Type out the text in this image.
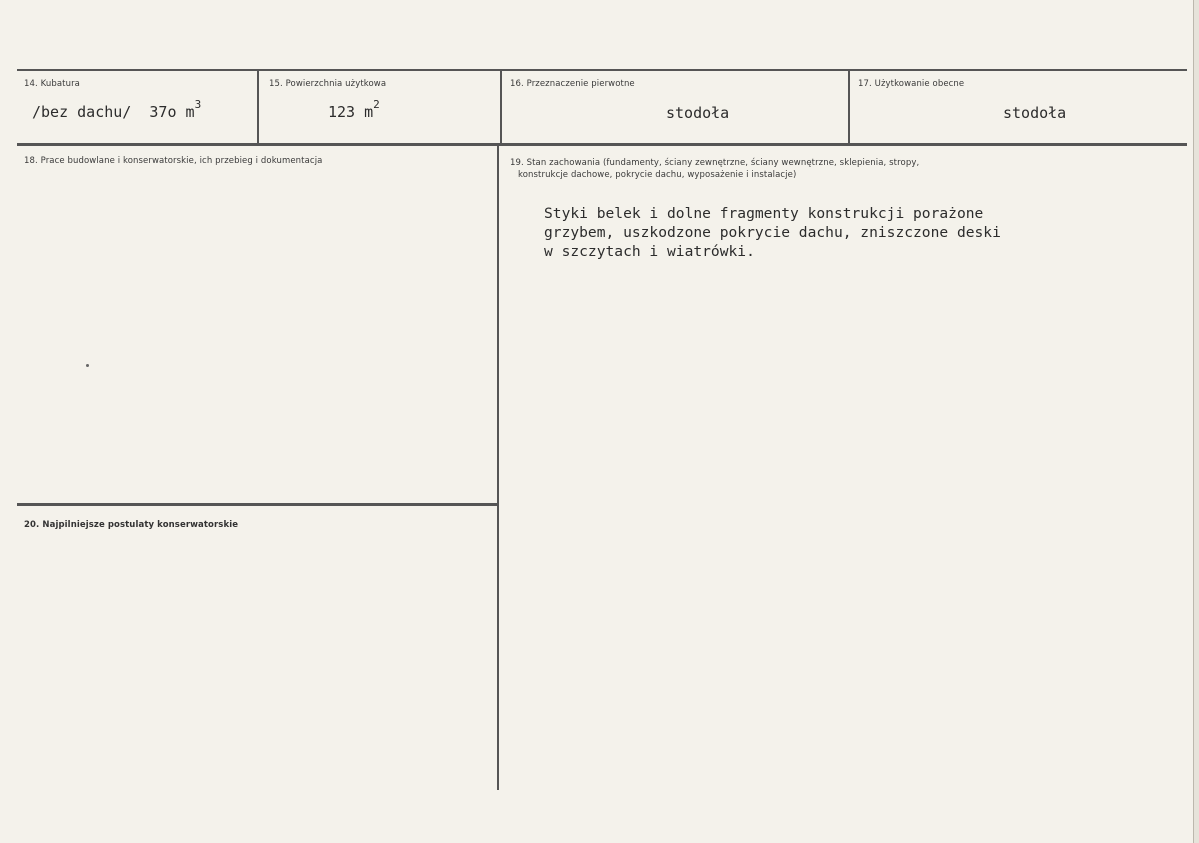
14. Kubatura
/bez dachu/  37o $m^3$
15. Powierzchnia użytkowa
123 $m^2$
16. Przeznaczenie pierwotne
stodoła
17. Użytkowanie obecne
stodoła
18. Prace budowlane i konserwatorskie, ich przebieg i dokumentacja	19. Stan zachowania (fundamenty, ściany zewnętrzne, ściany wewnętrzne, sklepienia, stropy,
konstrukcje dachowe, pokrycie dachu, wyposażenie i instalacje)
Styki belek i dolne fragmenty konstrukcji porażone
grzybem, uszkodzone pokrycie dachu, zniszczone deski
w szczytach i wiatrówki.
20. Najpilniejsze postulaty konserwatorskie
